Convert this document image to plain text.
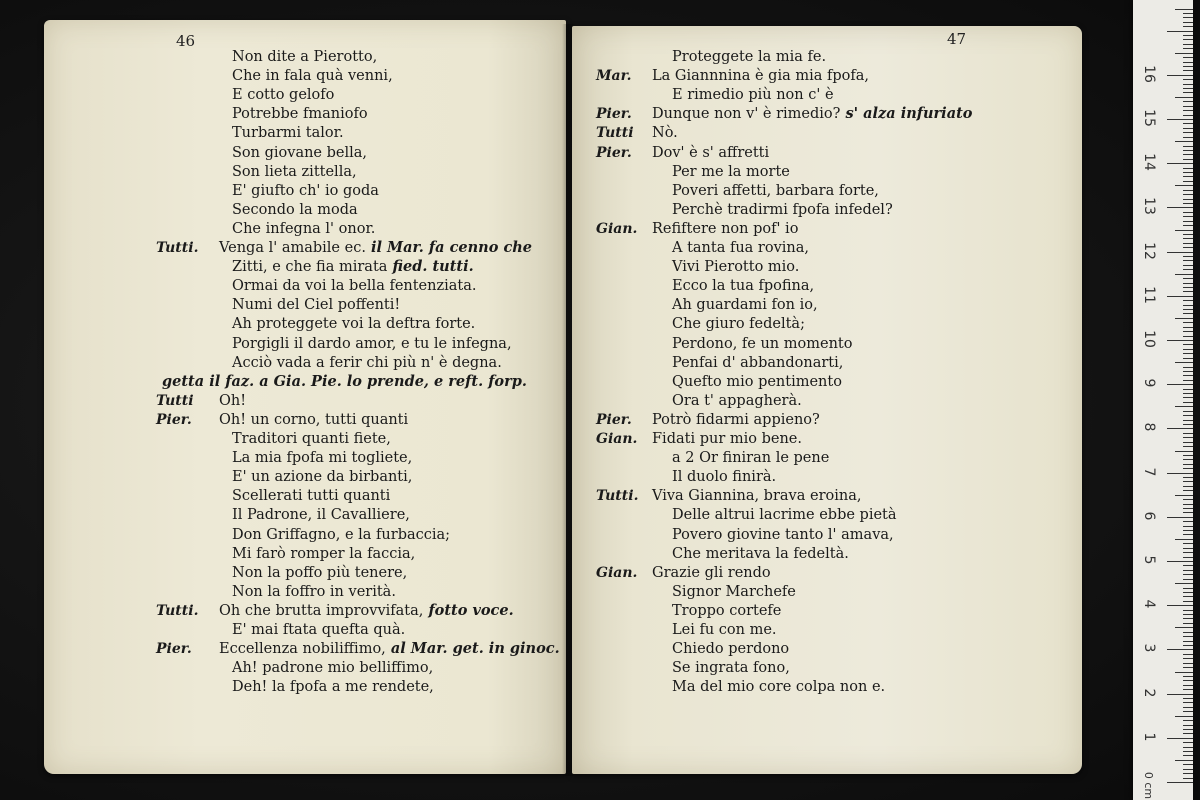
46
Non dite a Pierotto,
Che in fala quà venni,
E cotto gelofo
Potrebbe fmaniofo
Turbarmi talor.
Son giovane bella,
Son lieta zittella,
E' giufto ch' io goda
Secondo la moda
Che infegna l' onor.
Tutti. Venga l' amabile ec. il Mar. fa cenno che
Zitti, e che fia mirata fied. tutti.
Ormai da voi la bella fentenziata.
Numi del Ciel poffenti!
Ah proteggete voi la deftra forte.
Porgigli il dardo amor, e tu le infegna,
Acciò vada a ferir chi più n' è degna.
getta il faz. a Gia. Pie. lo prende, e reft. forp.
Tutti Oh!
Pier. Oh! un corno, tutti quanti
Traditori quanti fiete,
La mia fpofa mi togliete,
E' un azione da birbanti,
Scellerati tutti quanti
Il Padrone, il Cavalliere,
Don Griffagno, e la furbaccia;
Mi farò romper la faccia,
Non la poffo più tenere,
Non la foffro in verità.
Tutti. Oh che brutta improvvifata, fotto voce.
E' mai ftata quefta quà.
Pier. Eccellenza nobiliffimo, al Mar. get. in ginoc.
Ah! padrone mio belliffimo,
Deh! la fpofa a me rendete,
47
Proteggete la mia fe.
Mar. La Giannnina è gia mia fpofa,
E rimedio più non c' è
Pier. Dunque non v' è rimedio? s' alza infuriato
Tutti Nò.
Pier. Dov' è s' affretti
Per me la morte
Poveri affetti, barbara forte,
Perchè tradirmi fpofa infedel?
Gian. Refiftere non pof' io
A tanta fua rovina,
Vivi Pierotto mio.
Ecco la tua fpofina,
Ah guardami fon io,
Che giuro fedeltà;
Perdono, fe un momento
Penfai d' abbandonarti,
Quefto mio pentimento
Ora t' appagherà.
Pier. Potrò fidarmi appieno?
Gian. Fidati pur mio bene.
a 2 Or finiran le pene
Il duolo finirà.
Tutti. Viva Giannina, brava eroina,
Delle altrui lacrime ebbe pietà
Povero giovine tanto l' amava,
Che meritava la fedeltà.
Gian. Grazie gli rendo
Signor Marchefe
Troppo cortefe
Lei fu con me.
Chiedo perdono
Se ingrata fono,
Ma del mio core colpa non e.
0 cm
1
2
3
4
5
6
7
8
9
10
11
12
13
14
15
16
